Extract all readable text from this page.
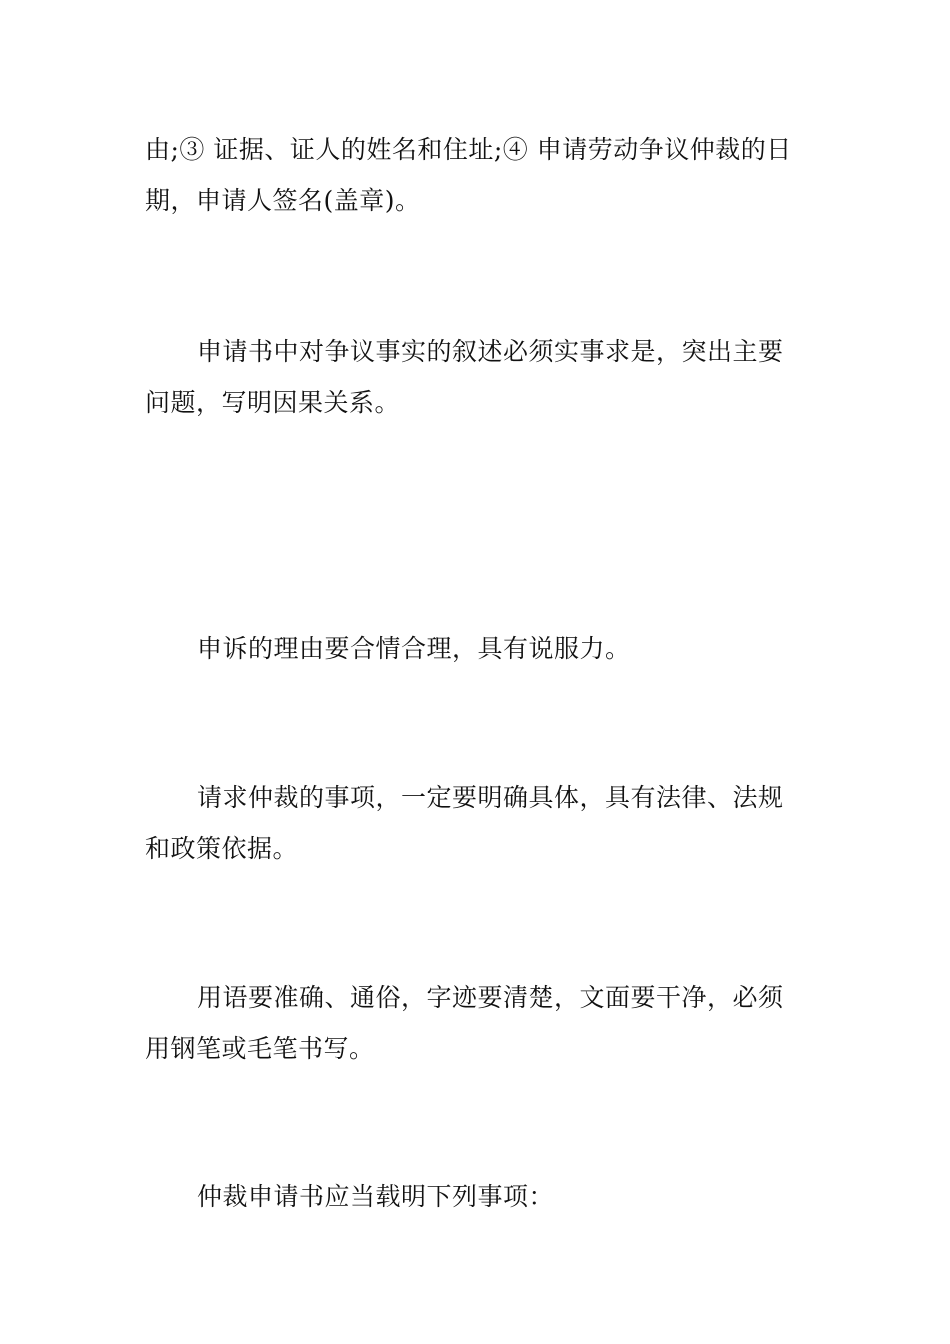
由;③ 证据、证人的姓名和住址;④ 申请劳动争议仲裁的日
期，申请人签名(盖章)。

申请书中对争议事实的叙述必须实事求是，突出主要
问题，写明因果关系。

申诉的理由要合情合理，具有说服力。

请求仲裁的事项，一定要明确具体，具有法律、法规
和政策依据。

用语要准确、通俗，字迹要清楚，文面要干净，必须
用钢笔或毛笔书写。

仲裁申请书应当载明下列事项：
